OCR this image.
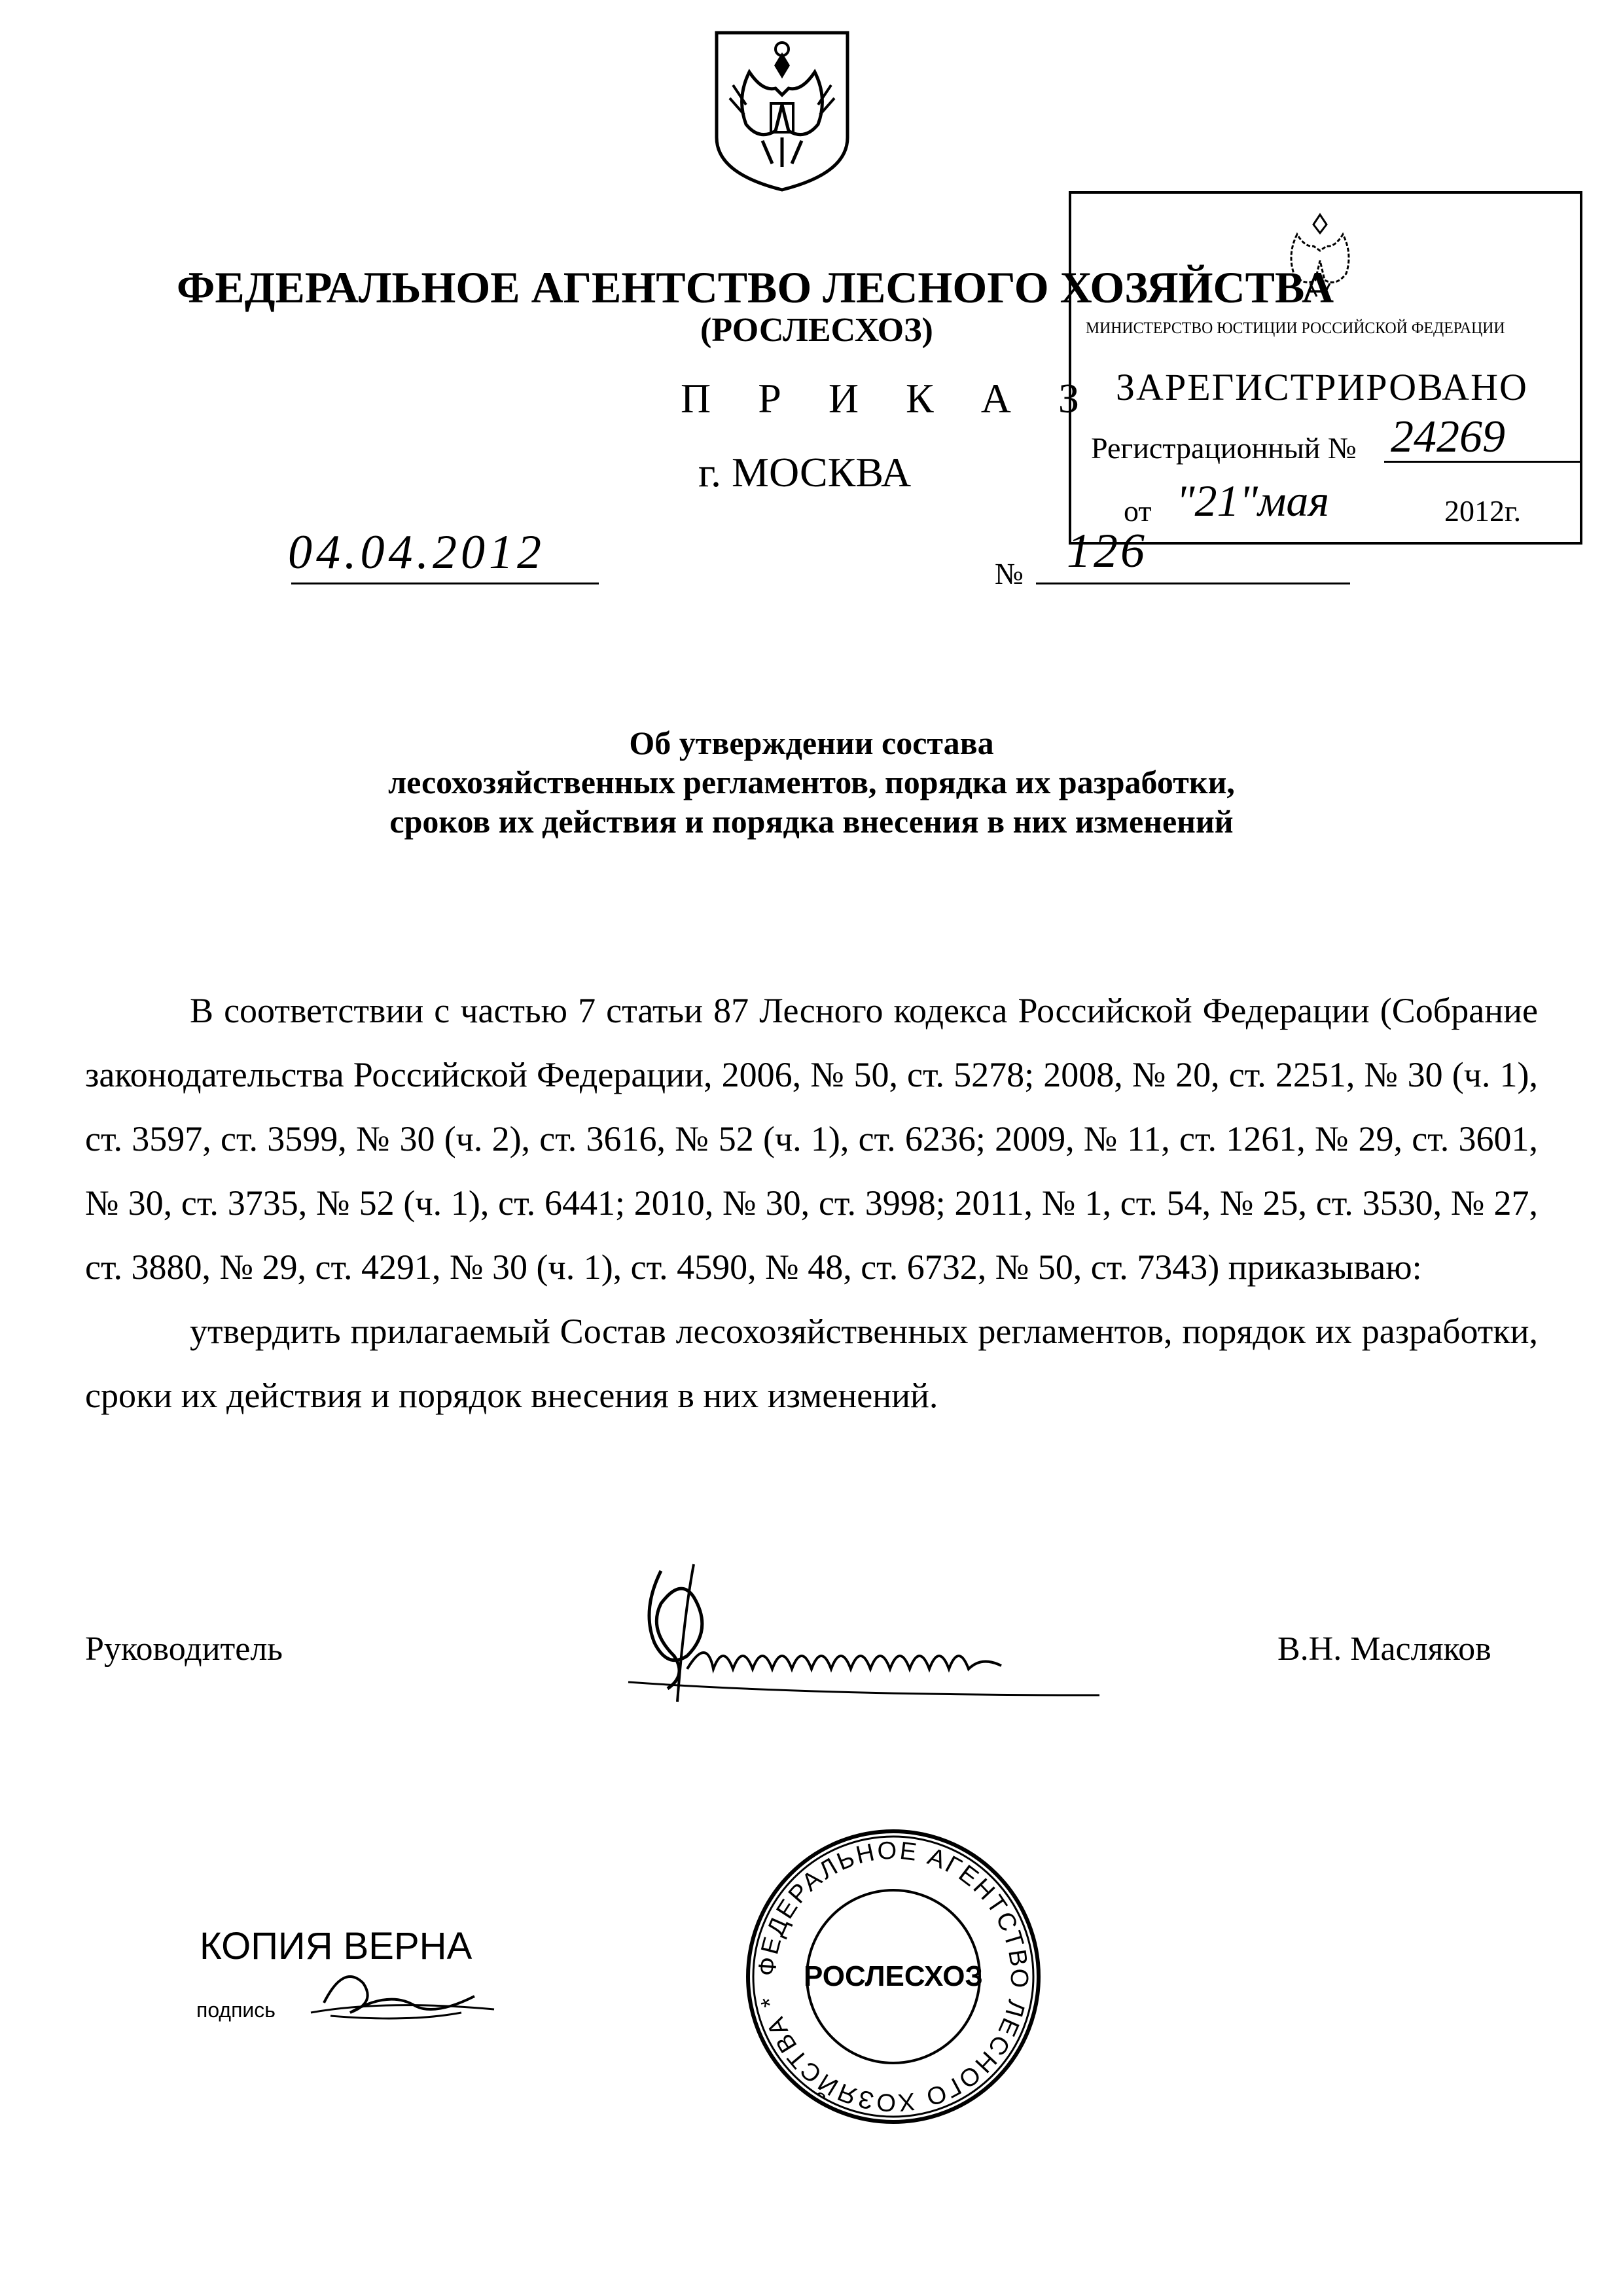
ФЕДЕРАЛЬНОЕ АГЕНТСТВО ЛЕСНОГО ХОЗЯЙСТВА
(РОСЛЕСХОЗ)
П Р И К А З
г. МОСКВА
МИНИСТЕРСТВО ЮСТИЦИИ РОССИЙСКОЙ ФЕДЕРАЦИИ
ЗАРЕГИСТРИРОВАНО
Регистрационный № 24269
от "21" мая	2012г.
04.04.2012	№ 126
Об утверждении состава
лесохозяйственных регламентов, порядка их разработки,
сроков их действия и порядка внесения в них изменений

В соответствии с частью 7 статьи 87 Лесного кодекса Российской Федерации (Собрание законодательства Российской Федерации, 2006, № 50, ст. 5278; 2008, № 20, ст. 2251, № 30 (ч. 1), ст. 3597, ст. 3599, № 30 (ч. 2), ст. 3616, № 52 (ч. 1), ст. 6236; 2009, № 11, ст. 1261, № 29, ст. 3601, № 30, ст. 3735, № 52 (ч. 1), ст. 6441; 2010, № 30, ст. 3998; 2011, № 1, ст. 54, № 25, ст. 3530, № 27, ст. 3880, № 29, ст. 4291, № 30 (ч. 1), ст. 4590, № 48, ст. 6732, № 50, ст. 7343) приказываю:

утвердить прилагаемый Состав лесохозяйственных регламентов, порядок их разработки, сроки их действия и порядок внесения в них изменений.

Руководитель	В.Н. Масляков
КОПИЯ ВЕРНА
подпись
ФЕДЕРАЛЬНОЕ АГЕНТСТВО ЛЕСНОГО ХОЗЯЙСТВА *
РОСЛЕСХОЗ
